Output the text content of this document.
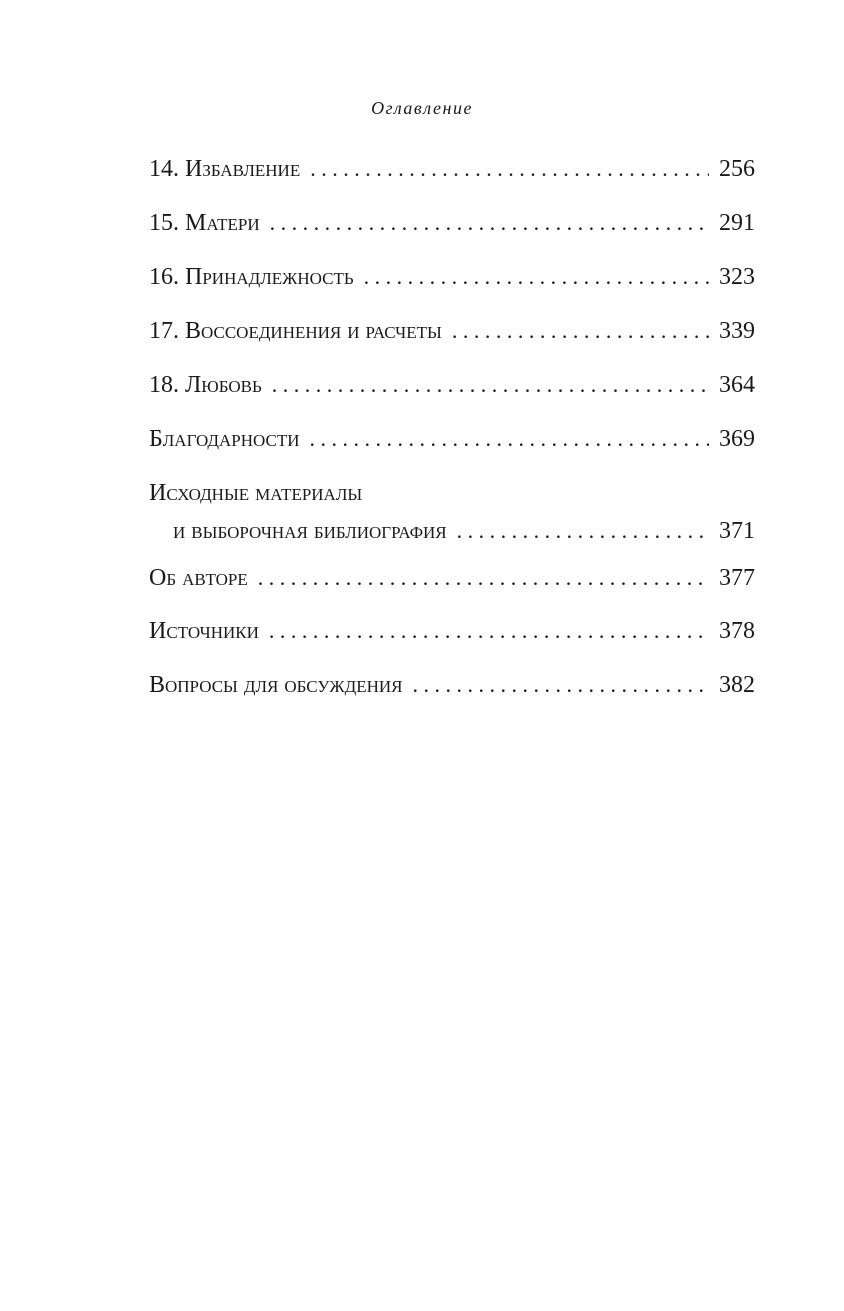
Оглавление
14. Избавление . . .	256
15. Матери . . .	291
16. Принадлежность . . .	323
17. Воссоединения и расчеты . . .	339
18. Любовь . . .	364
Благодарности . . .	369
Исходные материалы
и выборочная библиография . . .	371
Об авторе . . .	377
Источники . . .	378
Вопросы для обсуждения . . .	382
